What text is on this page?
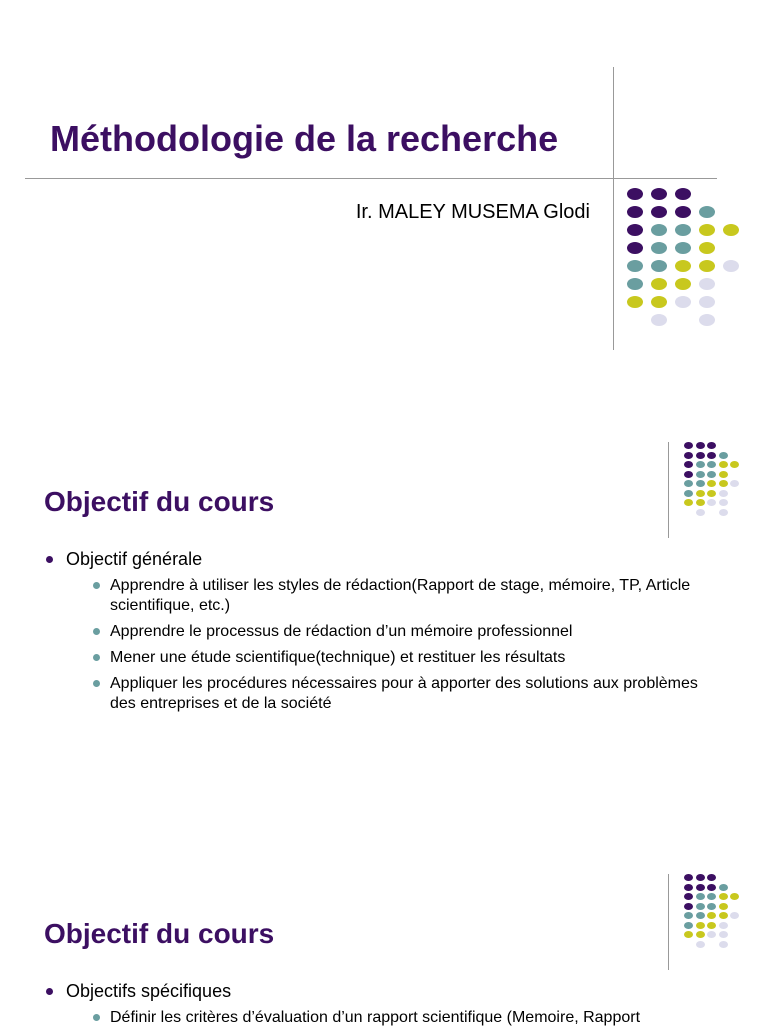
Méthodologie de la recherche

Ir. MALEY MUSEMA Glodi

Objectif du cours
Objectif générale
Apprendre à utiliser les styles de rédaction(Rapport de stage, mémoire, TP, Article scientifique, etc.)
Apprendre le processus de rédaction d’un mémoire professionnel
Mener une étude scientifique(technique) et restituer les résultats
Appliquer les procédures nécessaires pour à apporter des solutions aux problèmes des entreprises et de la société
Objectif du cours
Objectifs spécifiques
Définir les critères d’évaluation d’un rapport scientifique (Memoire, Rapport
